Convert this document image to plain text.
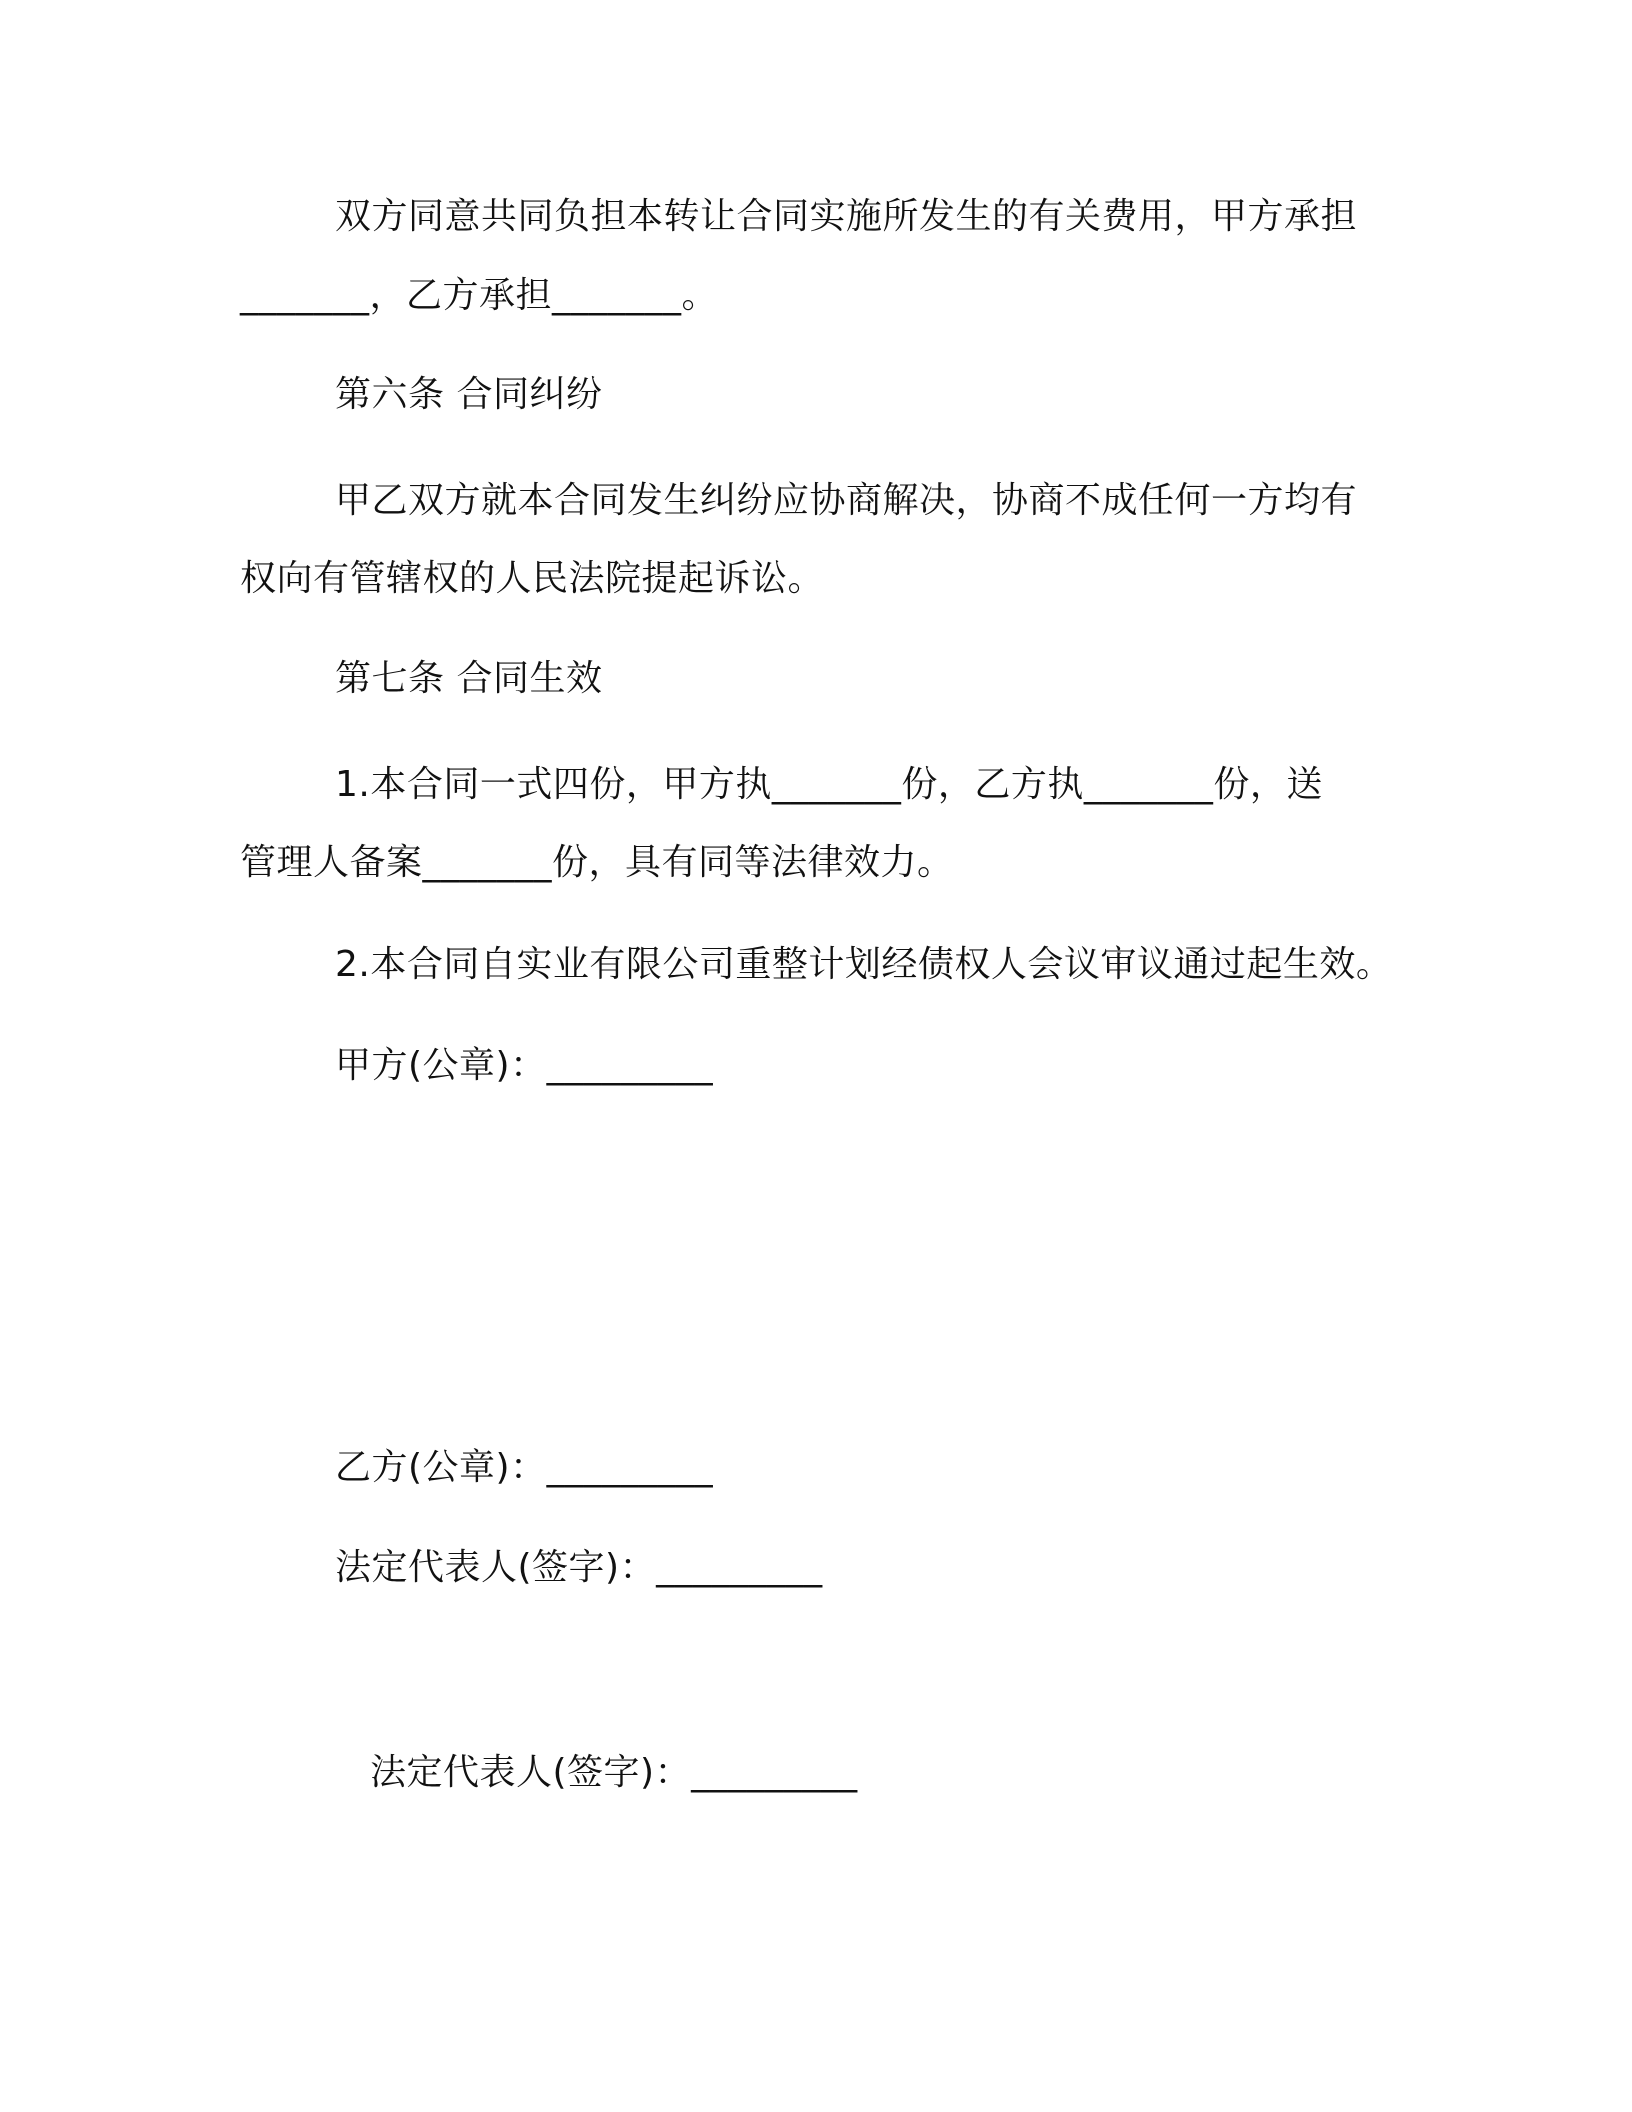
双方同意共同负担本转让合同实施所发生的有关费用，甲方承担
_______，乙方承担_______。
第六条 合同纠纷
甲乙双方就本合同发生纠纷应协商解决，协商不成任何一方均有
权向有管辖权的人民法院提起诉讼。
第七条 合同生效
1.本合同一式四份，甲方执_______份，乙方执_______份，送
管理人备案_______份，具有同等法律效力。
2.本合同自实业有限公司重整计划经债权人会议审议通过起生效。
甲方(公章)：_________
乙方(公章)：_________
法定代表人(签字)：_________
法定代表人(签字)：_________
